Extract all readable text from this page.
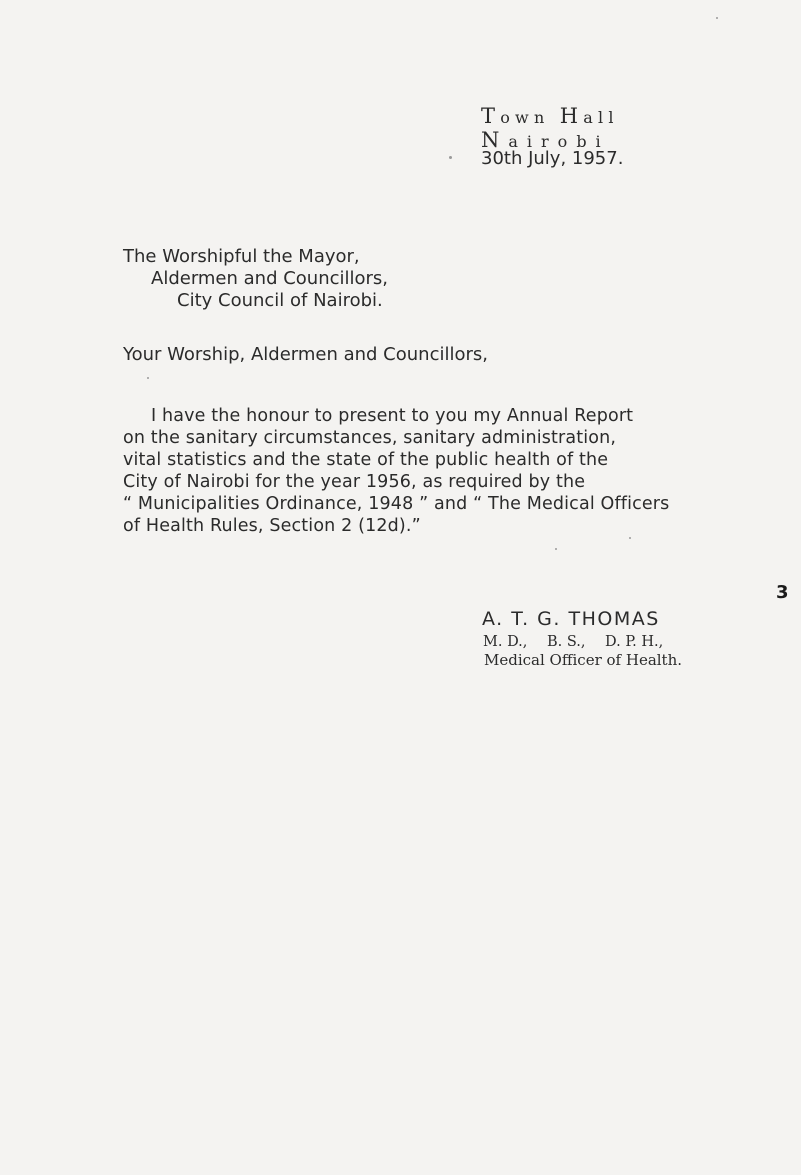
Town Hall
Nairobi
30th July, 1957.
The Worshipful the Mayor,
Aldermen and Councillors,
City Council of Nairobi.
Your Worship, Aldermen and Councillors,
I have the honour to present to you my Annual Report
on the sanitary circumstances, sanitary administration,
vital statistics and the state of the public health of the
City of Nairobi for the year 1956, as required by the
“ Municipalities Ordinance, 1948 ” and “ The Medical Officers
of Health Rules, Section 2 (12d).”
A. T. G. THOMAS
M. D., B. S., D. P. H.,
Medical Officer of Health.
3
